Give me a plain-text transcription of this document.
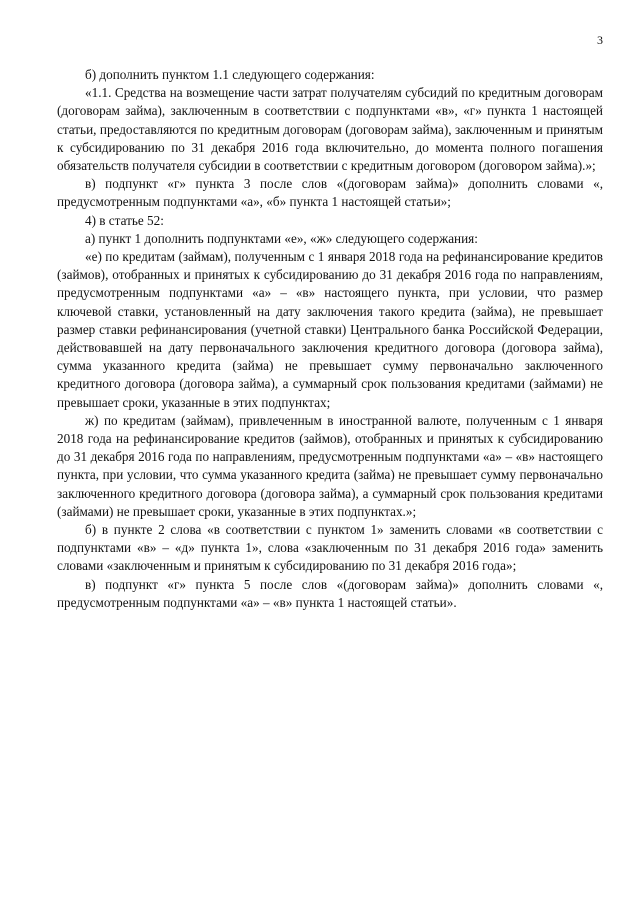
3

б) дополнить пунктом 1.1 следующего содержания:

«1.1. Средства на возмещение части затрат получателям субсидий по кредитным договорам (договорам займа), заключенным в соответствии с подпунктами «в», «г» пункта 1 настоящей статьи, предоставляются по кредитным договорам (договорам займа), заключенным и принятым к субсидированию по 31 декабря 2016 года включительно, до момента полного погашения обязательств получателя субсидии в соответствии с кредитным договором (договором займа).»;

в) подпункт «г» пункта 3 после слов «(договорам займа)» дополнить словами «, предусмотренным подпунктами «а», «б» пункта 1 настоящей статьи»;

4) в статье 52:

а) пункт 1 дополнить подпунктами «е», «ж» следующего содержания:

«е) по кредитам (займам), полученным с 1 января 2018 года на рефинансирование кредитов (займов), отобранных и принятых к субсидированию до 31 декабря 2016 года по направлениям, предусмотренным подпунктами «а» – «в» настоящего пункта, при условии, что размер ключевой ставки, установленный на дату заключения такого кредита (займа), не превышает размер ставки рефинансирования (учетной ставки) Центрального банка Российской Федерации, действовавшей на дату первоначального заключения кредитного договора (договора займа), сумма указанного кредита (займа) не превышает сумму первоначально заключенного кредитного договора (договора займа), а суммарный срок пользования кредитами (займами) не превышает сроки, указанные в этих подпунктах;

ж) по кредитам (займам), привлеченным в иностранной валюте, полученным с 1 января 2018 года на рефинансирование кредитов (займов), отобранных и принятых к субсидированию до 31 декабря 2016 года по направлениям, предусмотренным подпунктами «а» – «в» настоящего пункта, при условии, что сумма указанного кредита (займа) не превышает сумму первоначально заключенного кредитного договора (договора займа), а суммарный срок пользования кредитами (займами) не превышает сроки, указанные в этих подпунктах.»;

б) в пункте 2 слова «в соответствии с пунктом 1» заменить словами «в соответствии с подпунктами «в» – «д» пункта 1», слова «заключенным по 31 декабря 2016 года» заменить словами «заключенным и принятым к субсидированию по 31 декабря 2016 года»;

в) подпункт «г» пункта 5 после слов «(договорам займа)» дополнить словами «, предусмотренным подпунктами «а» – «в» пункта 1 настоящей статьи».
